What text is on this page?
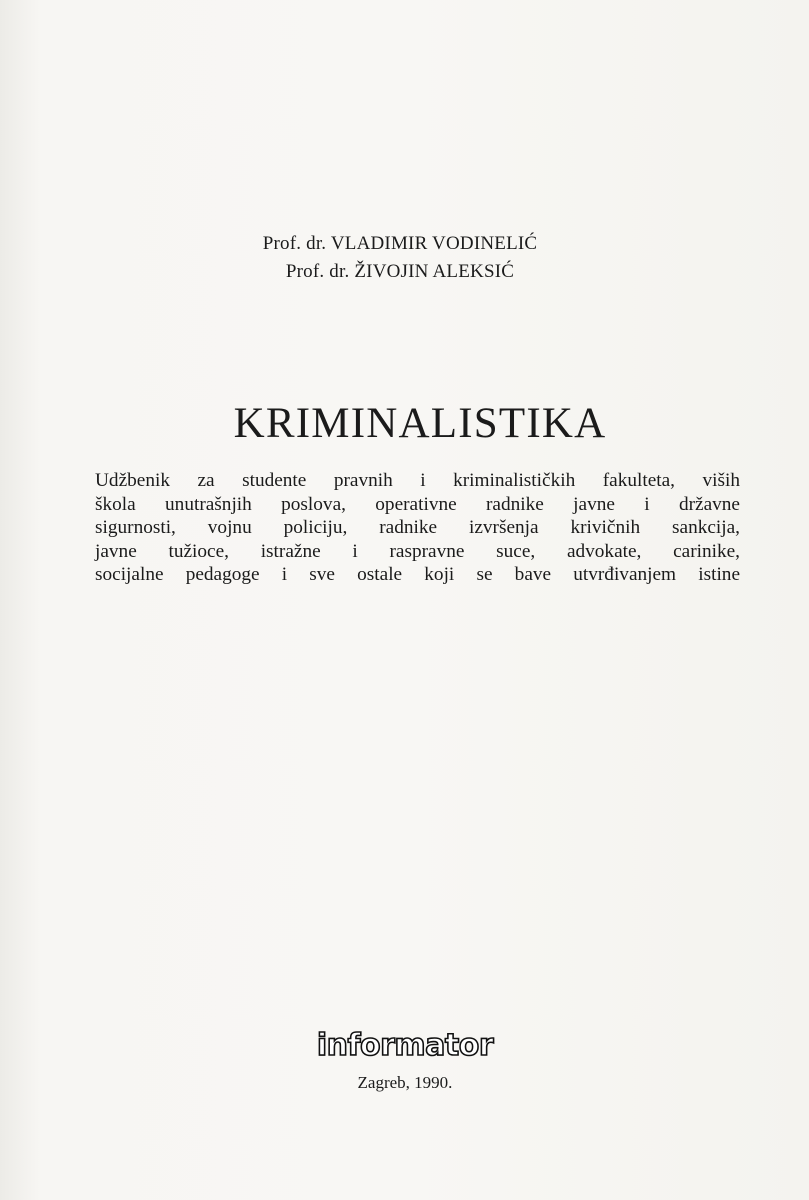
Prof. dr. VLADIMIR VODINELIĆ
Prof. dr. ŽIVOJIN ALEKSIĆ
KRIMINALISTIKA
Udžbenik za studente pravnih i kriminalističkih fakulteta, viših
škola unutrašnjih poslova, operativne radnike javne i državne
sigurnosti, vojnu policiju, radnike izvršenja krivičnih sankcija,
javne tužioce, istražne i raspravne suce, advokate, carinike,
socijalne pedagoge i sve ostale koji se bave utvrđivanjem istine
informator
Zagreb, 1990.
